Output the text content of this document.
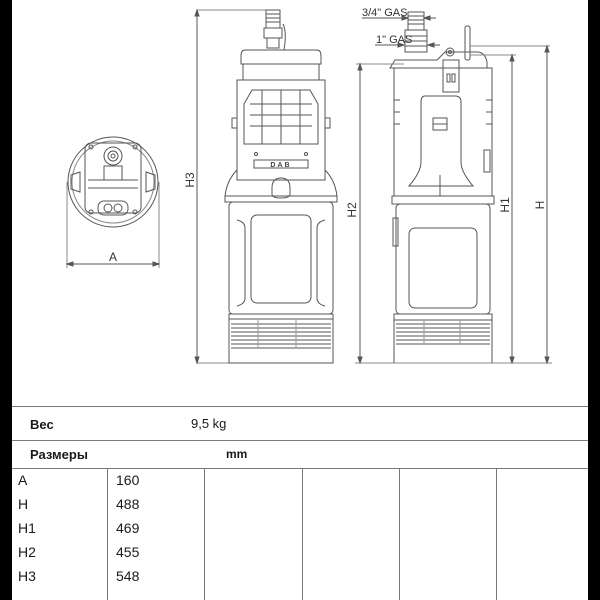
A
DAB
H3
3/4" GAS
1" GAS
H2	H1 H
Вес	9,5 kg
Размеры	mm
A	160
H	488
H1	469
H2	455
H3	548
